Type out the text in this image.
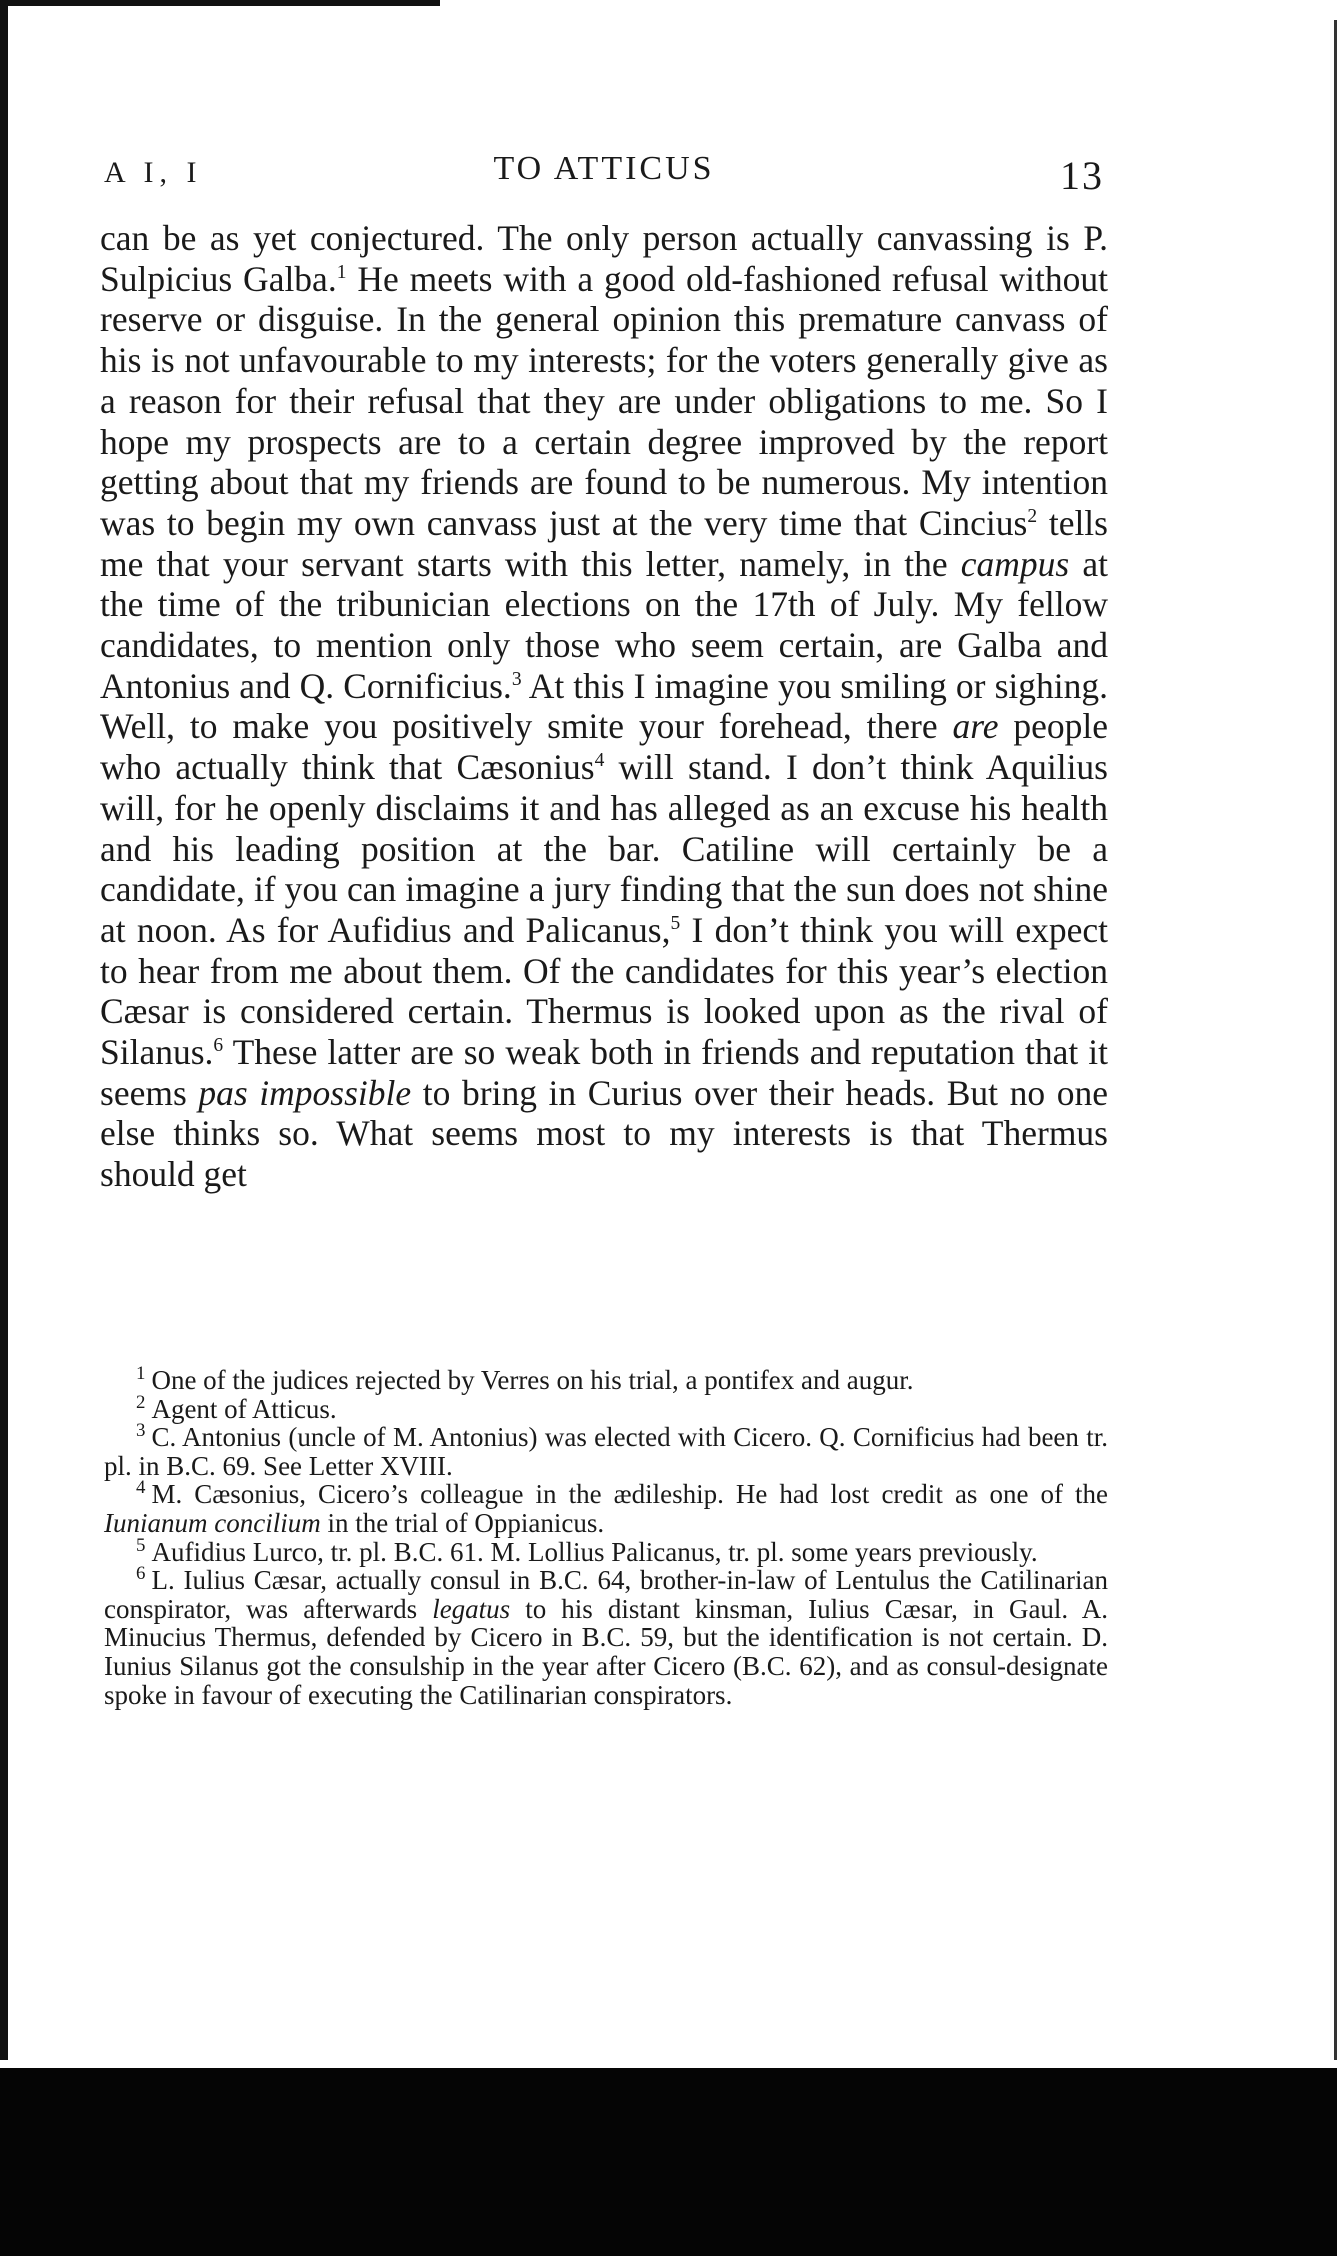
A I, I	TO ATTICUS	13

can be as yet conjectured. The only person actually canvassing is P. Sulpicius Galba.$^1$ He meets with a good old-fashioned refusal without reserve or disguise. In the general opinion this premature canvass of his is not unfavourable to my interests; for the voters generally give as a reason for their refusal that they are under obligations to me. So I hope my prospects are to a certain degree improved by the report getting about that my friends are found to be numerous. My intention was to begin my own canvass just at the very time that Cincius$^2$ tells me that your servant starts with this letter, namely, in the campus at the time of the tribunician elections on the 17th of July. My fellow candidates, to mention only those who seem certain, are Galba and Antonius and Q. Cornificius.$^3$ At this I imagine you smiling or sighing. Well, to make you positively smite your forehead, there are people who actually think that Cæsonius$^4$ will stand. I don’t think Aquilius will, for he openly disclaims it and has alleged as an excuse his health and his leading position at the bar. Catiline will certainly be a candidate, if you can imagine a jury finding that the sun does not shine at noon. As for Aufidius and Palicanus,$^5$ I don’t think you will expect to hear from me about them. Of the candidates for this year’s election Cæsar is considered certain. Thermus is looked upon as the rival of Silanus.$^6$ These latter are so weak both in friends and reputation that it seems pas impossible to bring in Curius over their heads. But no one else thinks so. What seems most to my interests is that Thermus should get

$^1$ One of the judices rejected by Verres on his trial, a pontifex and augur.

$^2$ Agent of Atticus.

$^3$ C. Antonius (uncle of M. Antonius) was elected with Cicero. Q. Cornificius had been tr. pl. in B.C. 69. See Letter XVIII.

$^4$ M. Cæsonius, Cicero’s colleague in the ædileship. He had lost credit as one of the Iunianum concilium in the trial of Oppianicus.

$^5$ Aufidius Lurco, tr. pl. B.C. 61. M. Lollius Palicanus, tr. pl. some years previously.

$^6$ L. Iulius Cæsar, actually consul in B.C. 64, brother-in-law of Lentulus the Catilinarian conspirator, was afterwards legatus to his distant kinsman, Iulius Cæsar, in Gaul. A. Minucius Thermus, defended by Cicero in B.C. 59, but the identification is not certain. D. Iunius Silanus got the consulship in the year after Cicero (B.C. 62), and as consul-designate spoke in favour of executing the Catilinarian conspirators.
